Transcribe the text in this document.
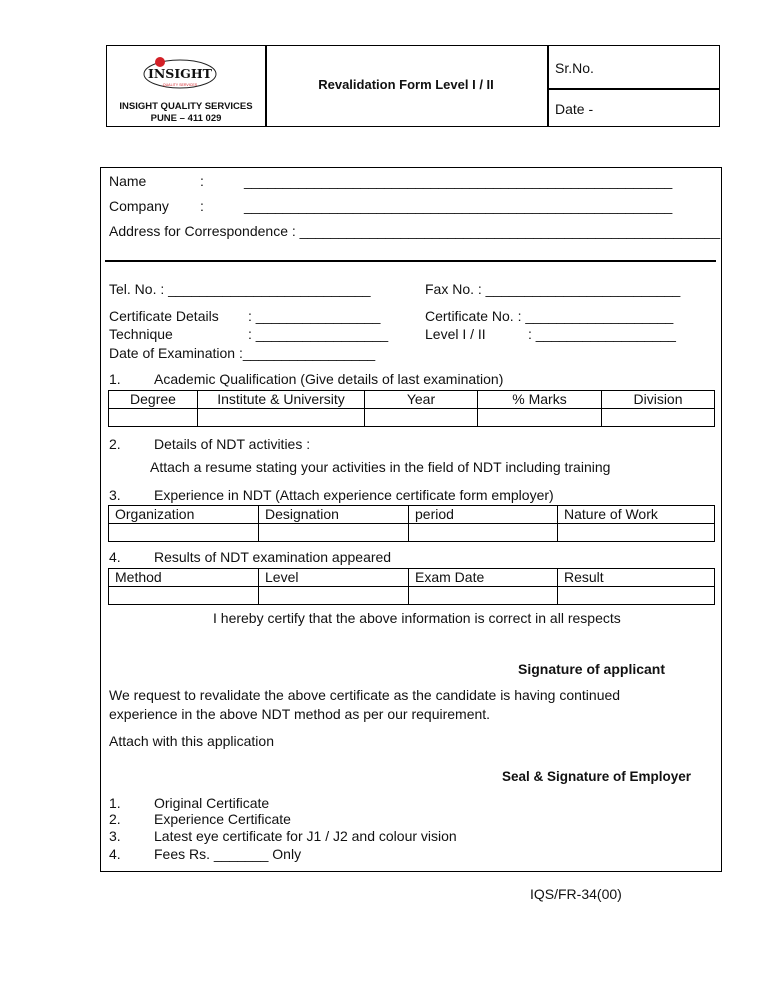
INSIGHT
QUALITY SERVICES
INSIGHT QUALITY SERVICES
PUNE – 411 029
Revalidation Form Level I / II
Sr.No.
Date -
Name	:	_______________________________________________________
Company :	_______________________________________________________
Address for Correspondence : ______________________________________________________
Tel. No. : __________________________	Fax No. : _________________________
Certificate Details : ________________	Certificate No. : ___________________
Technique	: _________________	Level I / II	: __________________
Date of Examination :_________________
1. Academic Qualification (Give details of last examination)
Degree	Institute & University	Year	% Marks	Division

2. Details of NDT activities :
Attach a resume stating your activities in the field of NDT including training
3. Experience in NDT (Attach experience certificate form employer)
Organization	Designation	period	Nature of Work

4. Results of NDT examination appeared
Method	Level	Exam Date	Result

I hereby certify that the above information is correct in all respects
Signature of applicant
We request to revalidate the above certificate as the candidate is having continued
experience in the above NDT method as per our requirement.
Attach with this application
Seal & Signature of Employer
1. Original Certificate
2. Experience Certificate
3. Latest eye certificate for J1 / J2 and colour vision
4. Fees Rs. _______ Only
IQS/FR-34(00)
